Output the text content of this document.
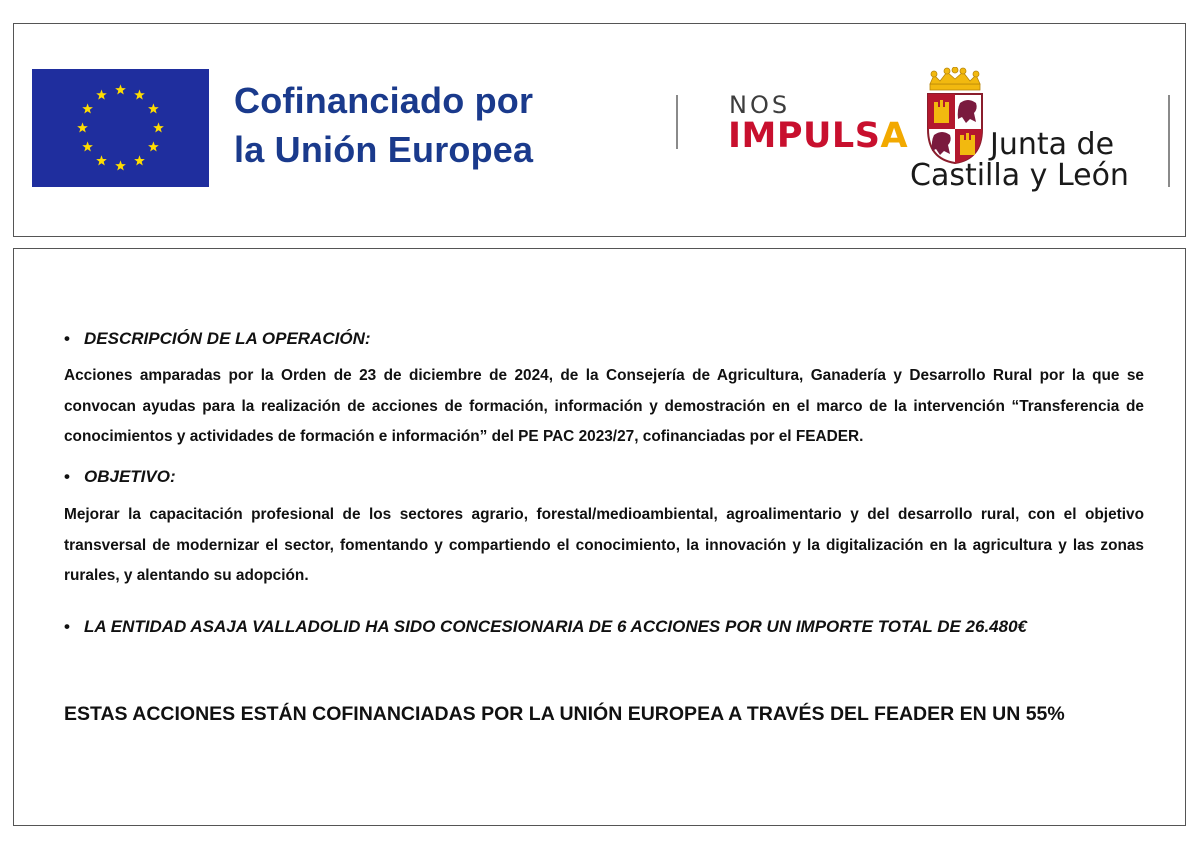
Cofinanciado por
la Unión Europea
NOS
IMPULSA	Junta de
Castilla y León
• DESCRIPCIÓN DE LA OPERACIÓN:
Acciones amparadas por la Orden de 23 de diciembre de 2024, de la Consejería de Agricultura, Ganadería y Desarrollo Rural por la que se convocan ayudas para la realización de acciones de formación, información y demostración en el marco de la intervención “Transferencia de conocimientos y actividades de formación e información” del PE PAC 2023/27, cofinanciadas por el FEADER.
• OBJETIVO:
Mejorar la capacitación profesional de los sectores agrario, forestal/medioambiental, agroalimentario y del desarrollo rural, con el objetivo transversal de modernizar el sector, fomentando y compartiendo el conocimiento, la innovación y la digitalización en la agricultura y las zonas rurales, y alentando su adopción.
• LA ENTIDAD ASAJA VALLADOLID HA SIDO CONCESIONARIA DE 6 ACCIONES POR UN IMPORTE TOTAL DE 26.480€
ESTAS ACCIONES ESTÁN COFINANCIADAS POR LA UNIÓN EUROPEA A TRAVÉS DEL FEADER EN UN 55%
